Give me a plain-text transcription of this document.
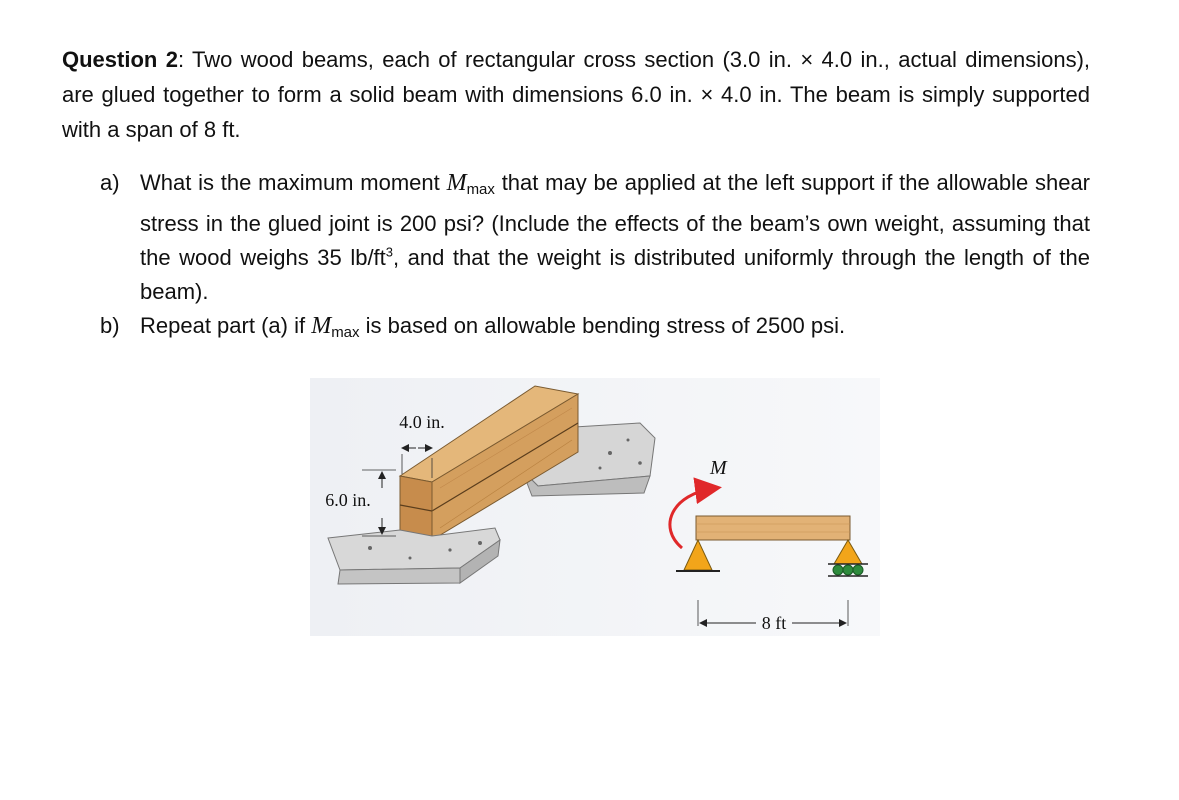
Question 2: Two wood beams, each of rectangular cross section (3.0 in. × 4.0 in., actual dimensions), are glued together to form a solid beam with dimensions 6.0 in. × 4.0 in. The beam is simply supported with a span of 8 ft.
a) What is the maximum moment $M_{max}$ that may be applied at the left support if the allowable shear stress in the glued joint is 200 psi? (Include the effects of the beam’s own weight, assuming that the wood weighs 35 $lb/ft^3$, and that the weight is distributed uniformly through the length of the beam).
b) Repeat part (a) if $M_{max}$ is based on allowable bending stress of 2500 psi.
4.0 in.
6.0 in.
M
8 ft
